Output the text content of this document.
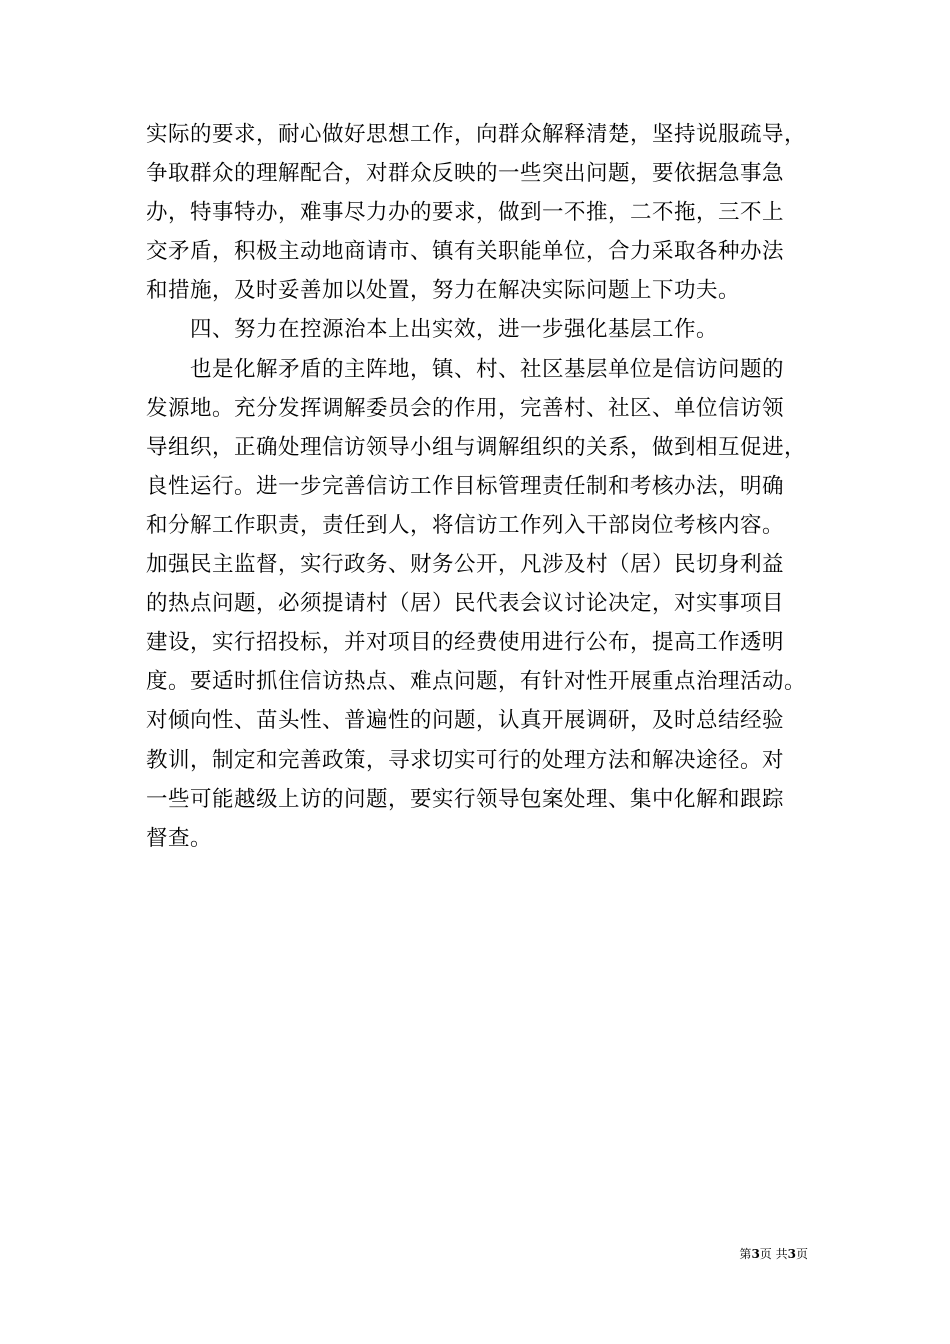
实际的要求，耐心做好思想工作，向群众解释清楚，坚持说服疏导，
争取群众的理解配合，对群众反映的一些突出问题，要依据急事急
办，特事特办，难事尽力办的要求，做到一不推，二不拖，三不上
交矛盾，积极主动地商请市、镇有关职能单位，合力采取各种办法
和措施，及时妥善加以处置，努力在解决实际问题上下功夫。

四、努力在控源治本上出实效，进一步强化基层工作。

也是化解矛盾的主阵地，镇、村、社区基层单位是信访问题的
发源地。充分发挥调解委员会的作用，完善村、社区、单位信访领
导组织，正确处理信访领导小组与调解组织的关系，做到相互促进，
良性运行。进一步完善信访工作目标管理责任制和考核办法，明确
和分解工作职责，责任到人，将信访工作列入干部岗位考核内容。
加强民主监督，实行政务、财务公开，凡涉及村（居）民切身利益
的热点问题，必须提请村（居）民代表会议讨论决定，对实事项目
建设，实行招投标，并对项目的经费使用进行公布，提高工作透明
度。要适时抓住信访热点、难点问题，有针对性开展重点治理活动。
对倾向性、苗头性、普遍性的问题，认真开展调研，及时总结经验
教训，制定和完善政策，寻求切实可行的处理方法和解决途径。对
一些可能越级上访的问题，要实行领导包案处理、集中化解和跟踪
督查。

第3页 共3页
